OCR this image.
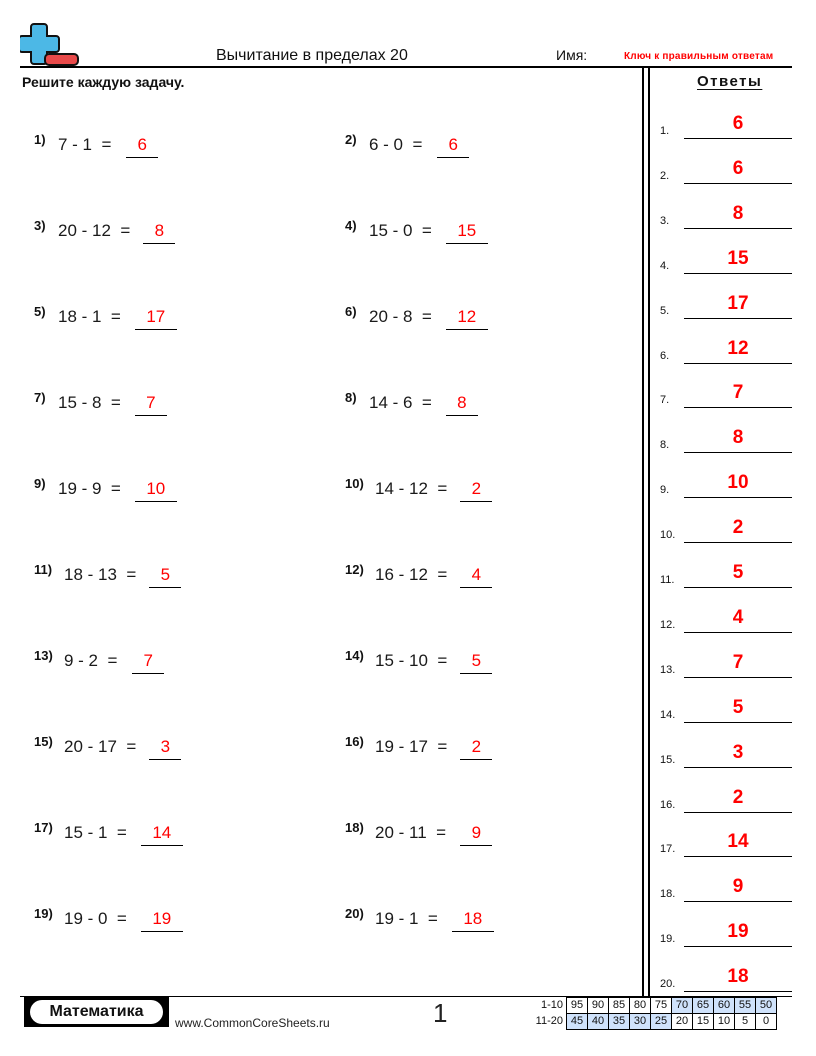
Вычитание в пределах 20	Имя:	Ключ к правильным ответам
Решите каждую задачу.
1) 7 - 1  =	6	2) 6 - 0  =	6
3) 20 - 12  =	8	4) 15 - 0  =	15
5) 18 - 1  =	17	6) 20 - 8  =	12
7) 15 - 8  =	7	8) 14 - 6  =	8
9) 19 - 9  =	10	10) 14 - 12  =	2
11) 18 - 13  =	5	12) 16 - 12  =	4
13) 9 - 2  =	7	14) 15 - 10  =	5
15) 20 - 17  =	3	16) 19 - 17  =	2
17) 15 - 1  =	14	18) 20 - 11  =	9
19) 19 - 0  =	19	20) 19 - 1  =	18
Ответы
1.	6
2.	6
3.	8
4.	15
5.	17
6.	12
7.	7
8.	8
9.	10
10.	2
11.	5
12.	4
13.	7
14.	5
15.	3
16.	2
17.	14
18.	9
19.	19
20.	18
Математика
www.CommonCoreSheets.ru	1	1-10	95	90	85	80	75	70	65	60	55	50
11-20	45	40	35	30	25	20	15	10	5	0
